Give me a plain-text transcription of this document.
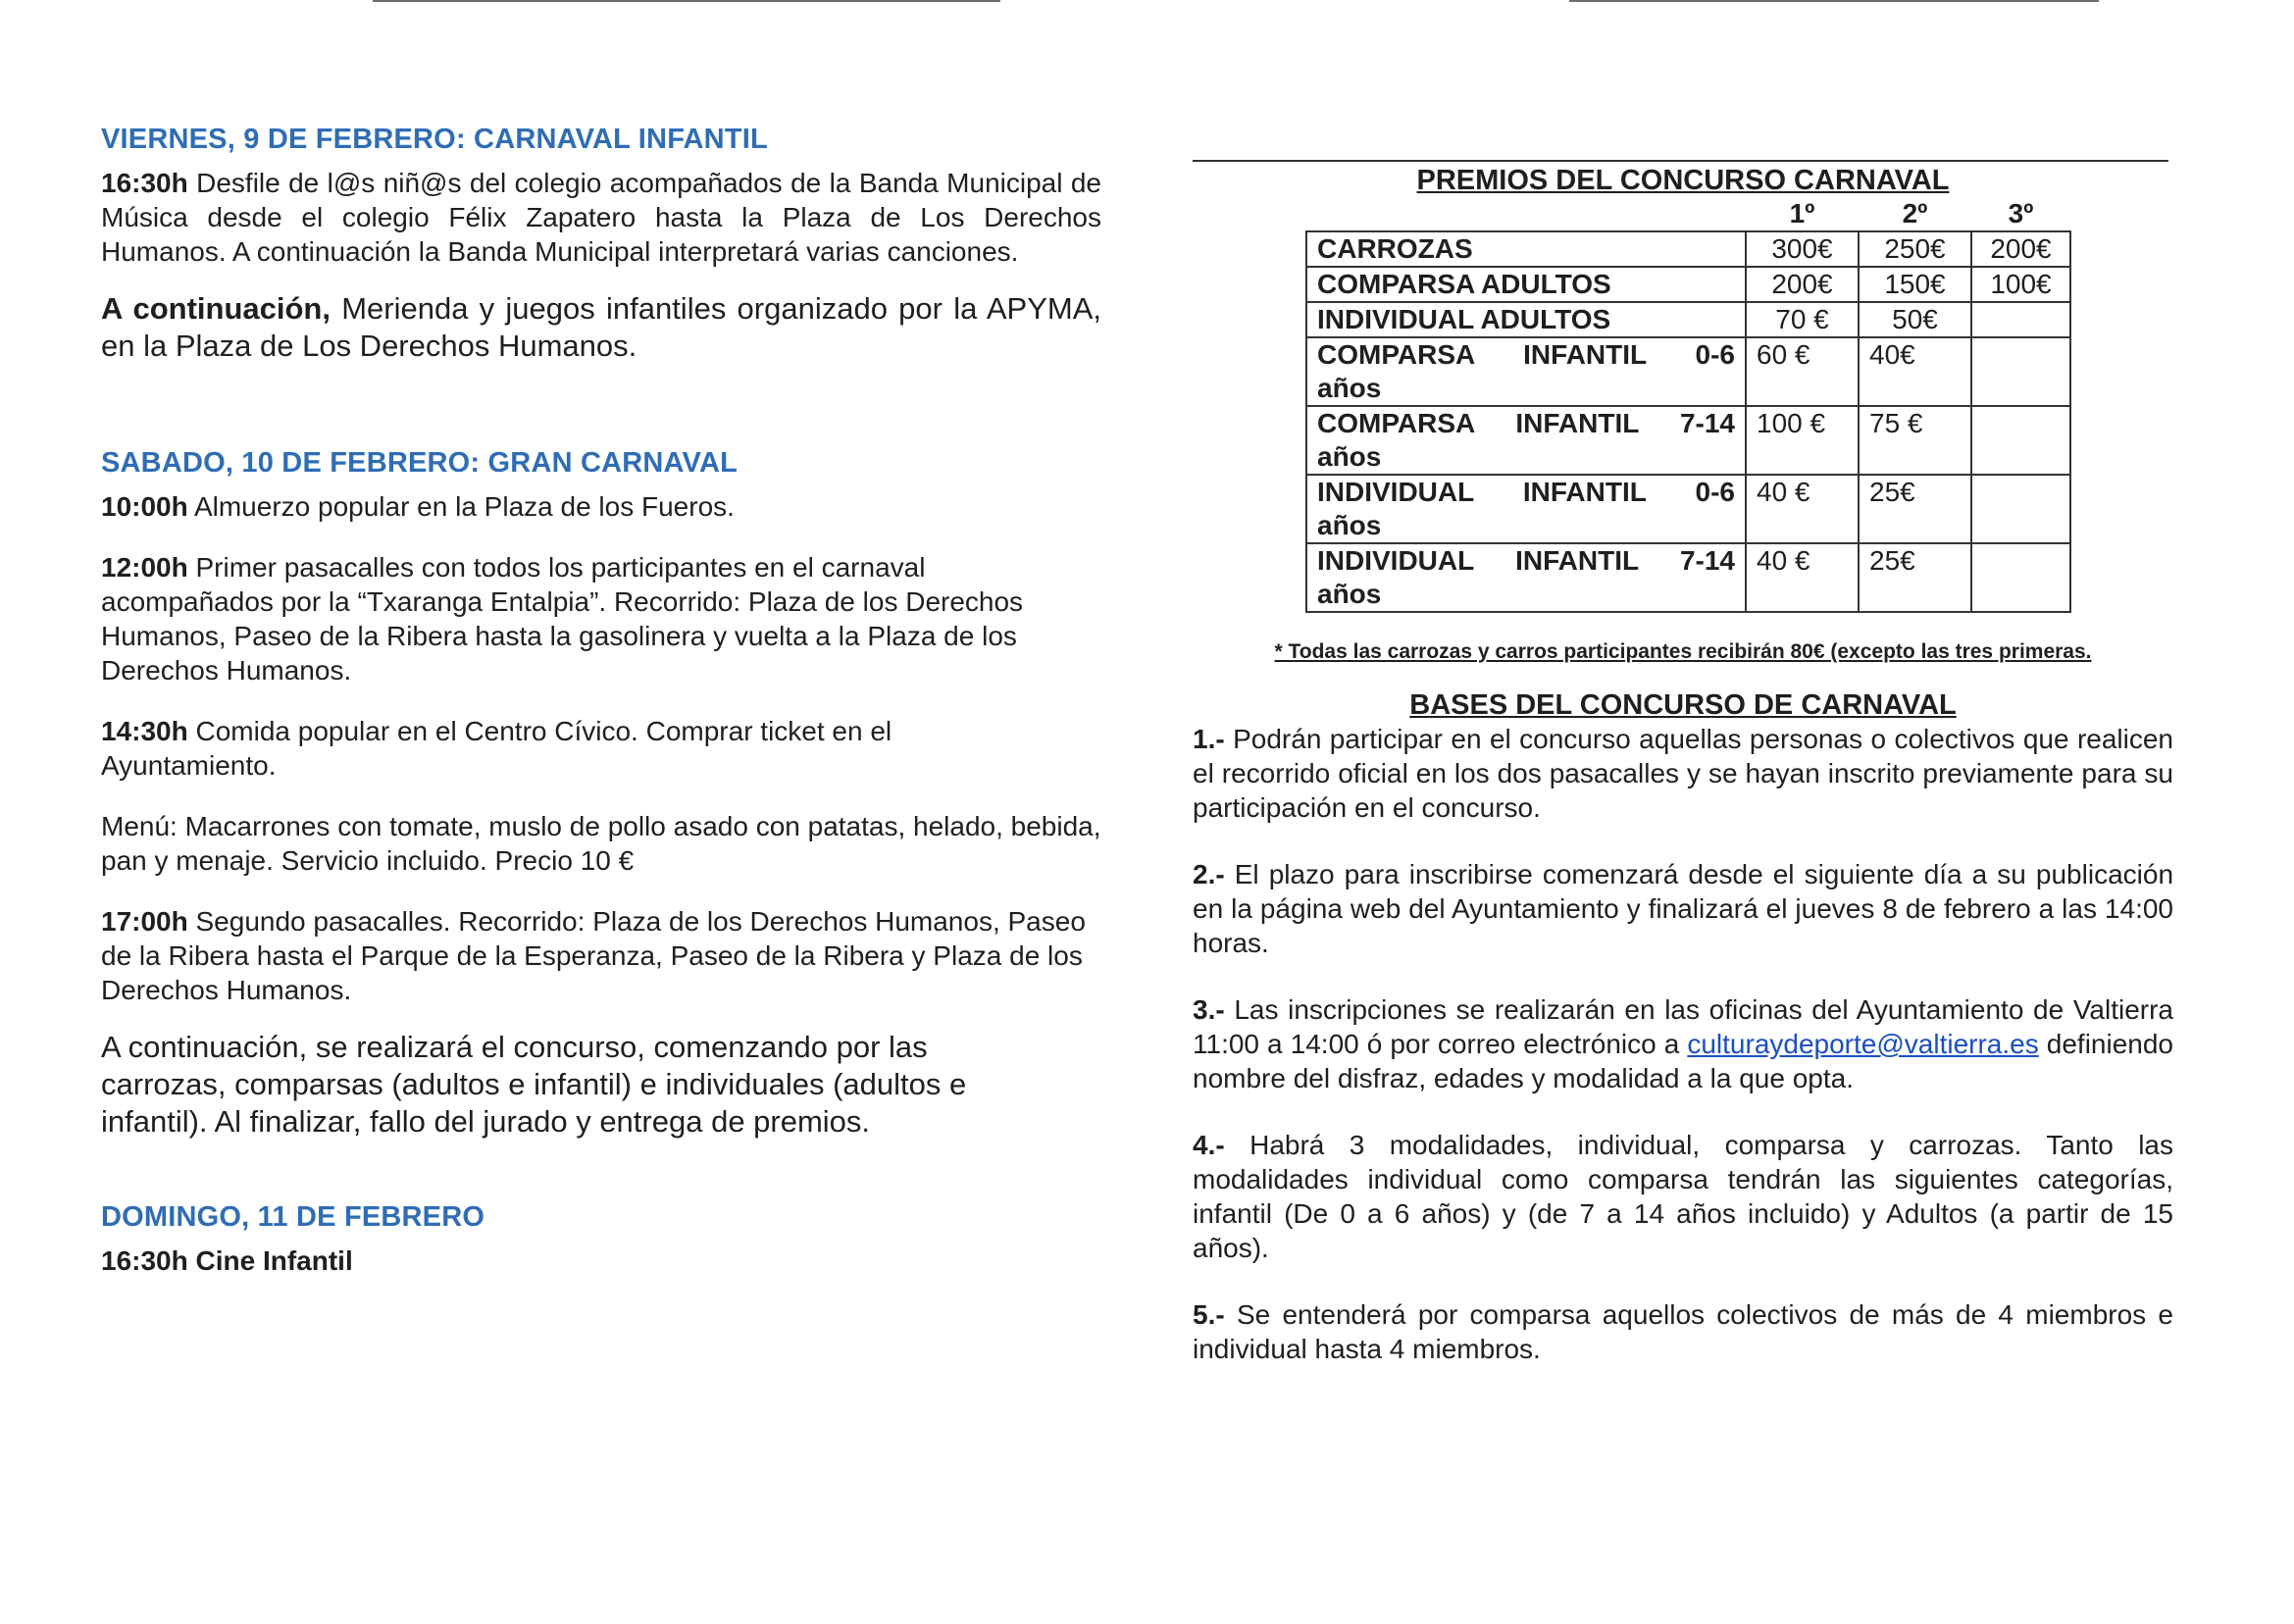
VIERNES, 9 DE FEBRERO: CARNAVAL INFANTIL

16:30h Desfile de l@s niñ@s del colegio acompañados de la Banda Municipal de Música desde el colegio Félix Zapatero hasta la Plaza de Los Derechos Humanos. A continuación la Banda Municipal interpretará varias canciones.

A continuación, Merienda y juegos infantiles organizado por la APYMA, en la Plaza de Los Derechos Humanos.

SABADO, 10 DE FEBRERO: GRAN CARNAVAL

10:00h Almuerzo popular en la Plaza de los Fueros.

12:00h Primer pasacalles con todos los participantes en el carnaval acompañados por la “Txaranga Entalpia”. Recorrido: Plaza de los Derechos Humanos, Paseo de la Ribera hasta la gasolinera y vuelta a la Plaza de los Derechos Humanos.

14:30h Comida popular en el Centro Cívico. Comprar ticket en el Ayuntamiento.

Menú: Macarrones con tomate, muslo de pollo asado con patatas, helado, bebida, pan y menaje. Servicio incluido. Precio 10 €

17:00h Segundo pasacalles. Recorrido: Plaza de los Derechos Humanos, Paseo de la Ribera hasta el Parque de la Esperanza, Paseo de la Ribera y Plaza de los Derechos Humanos.

A continuación, se realizará el concurso, comenzando por las carrozas, comparsas (adultos e infantil) e individuales (adultos e infantil). Al finalizar, fallo del jurado y entrega de premios.

DOMINGO, 11 DE FEBRERO

16:30h Cine Infantil

PREMIOS DEL CONCURSO CARNAVAL

	1º	2º	3º
CARROZAS	300€	250€	200€
COMPARSA ADULTOS	200€	150€	100€
INDIVIDUAL ADULTOS	70 €	50€	
COMPARSA INFANTIL 0-6
años	60 €	40€	
COMPARSA INFANTIL 7-14
años	100 €	75 €	
INDIVIDUAL INFANTIL 0-6
años	40 €	25€	
INDIVIDUAL INFANTIL 7-14
años	40 €	25€	

* Todas las carrozas y carros participantes recibirán 80€ (excepto las tres primeras.

BASES DEL CONCURSO DE CARNAVAL

1.- Podrán participar en el concurso aquellas personas o colectivos que realicen el recorrido oficial en los dos pasacalles y se hayan inscrito previamente para su participación en el concurso.

2.- El plazo para inscribirse comenzará desde el siguiente día a su publicación en la página web del Ayuntamiento y finalizará el jueves 8 de febrero a las 14:00 horas.

3.- Las inscripciones se realizarán en las oficinas del Ayuntamiento de Valtierra 11:00 a 14:00 ó por correo electrónico a culturaydeporte@valtierra.es definiendo nombre del disfraz, edades y modalidad a la que opta.

4.- Habrá 3 modalidades, individual, comparsa y carrozas. Tanto las modalidades individual como comparsa tendrán las siguientes categorías, infantil (De 0 a 6 años) y (de 7 a 14 años incluido) y Adultos (a partir de 15 años).

5.- Se entenderá por comparsa aquellos colectivos de más de 4 miembros e individual hasta 4 miembros.
